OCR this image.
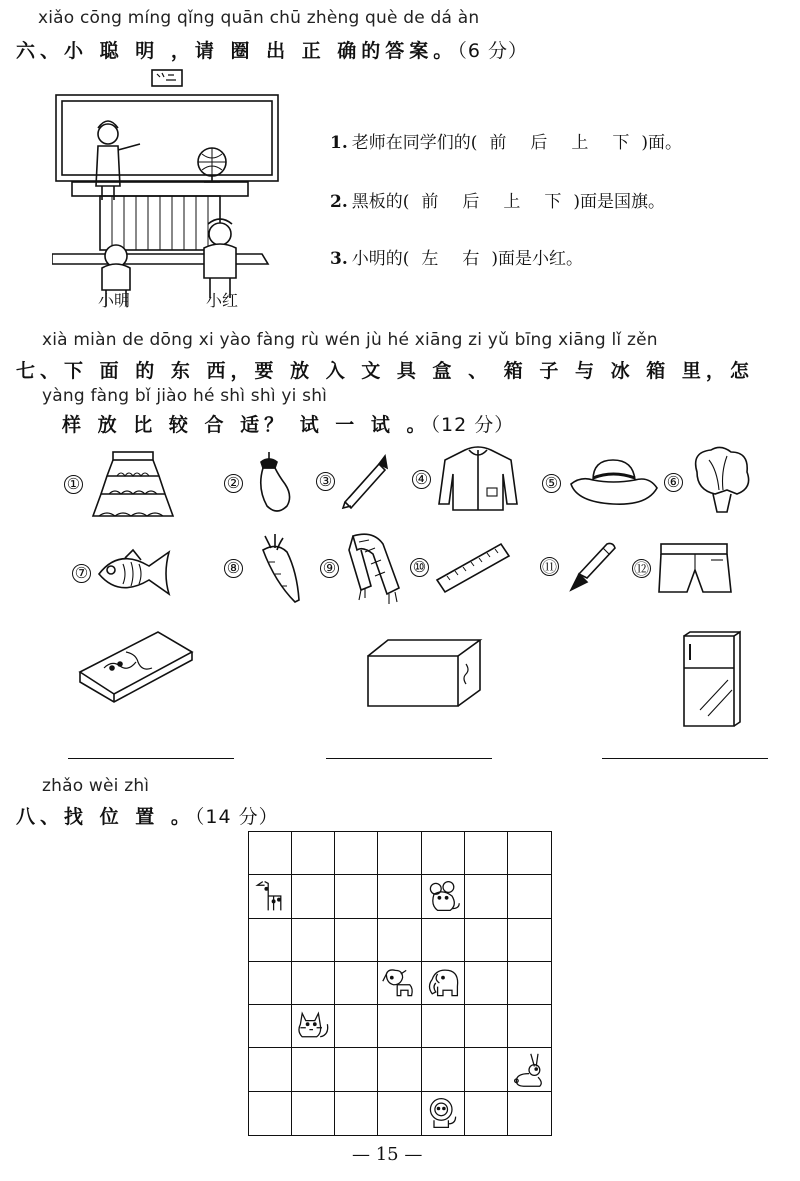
xiǎo cōng míng qǐng quān chū zhèng què de dá àn
六、小 聪 明 ，请 圈 出 正 确的答案。（6 分）
小明	小红
1. 老师在同学们的( 前 后 上 下 )面。
2. 黑板的( 前 后 上 下 )面是国旗。
3. 小明的( 左 右 )面是小红。
xià miàn de dōng xi yào fàng rù wén jù hé xiāng zi yǔ bīng xiāng lǐ zěn
七、下 面 的 东 西，要 放 入 文 具 盒 、 箱 子 与 冰 箱 里，怎
yàng fàng bǐ jiào hé shì shì yi shì
样 放 比 较 合 适？ 试 一 试 。（12 分）
①	②	③	④	⑤	⑥
⑦	⑧	⑨	⑩	⑪	⑫
zhǎo wèi zhì
八、找 位 置 。（14 分）
— 15 —
